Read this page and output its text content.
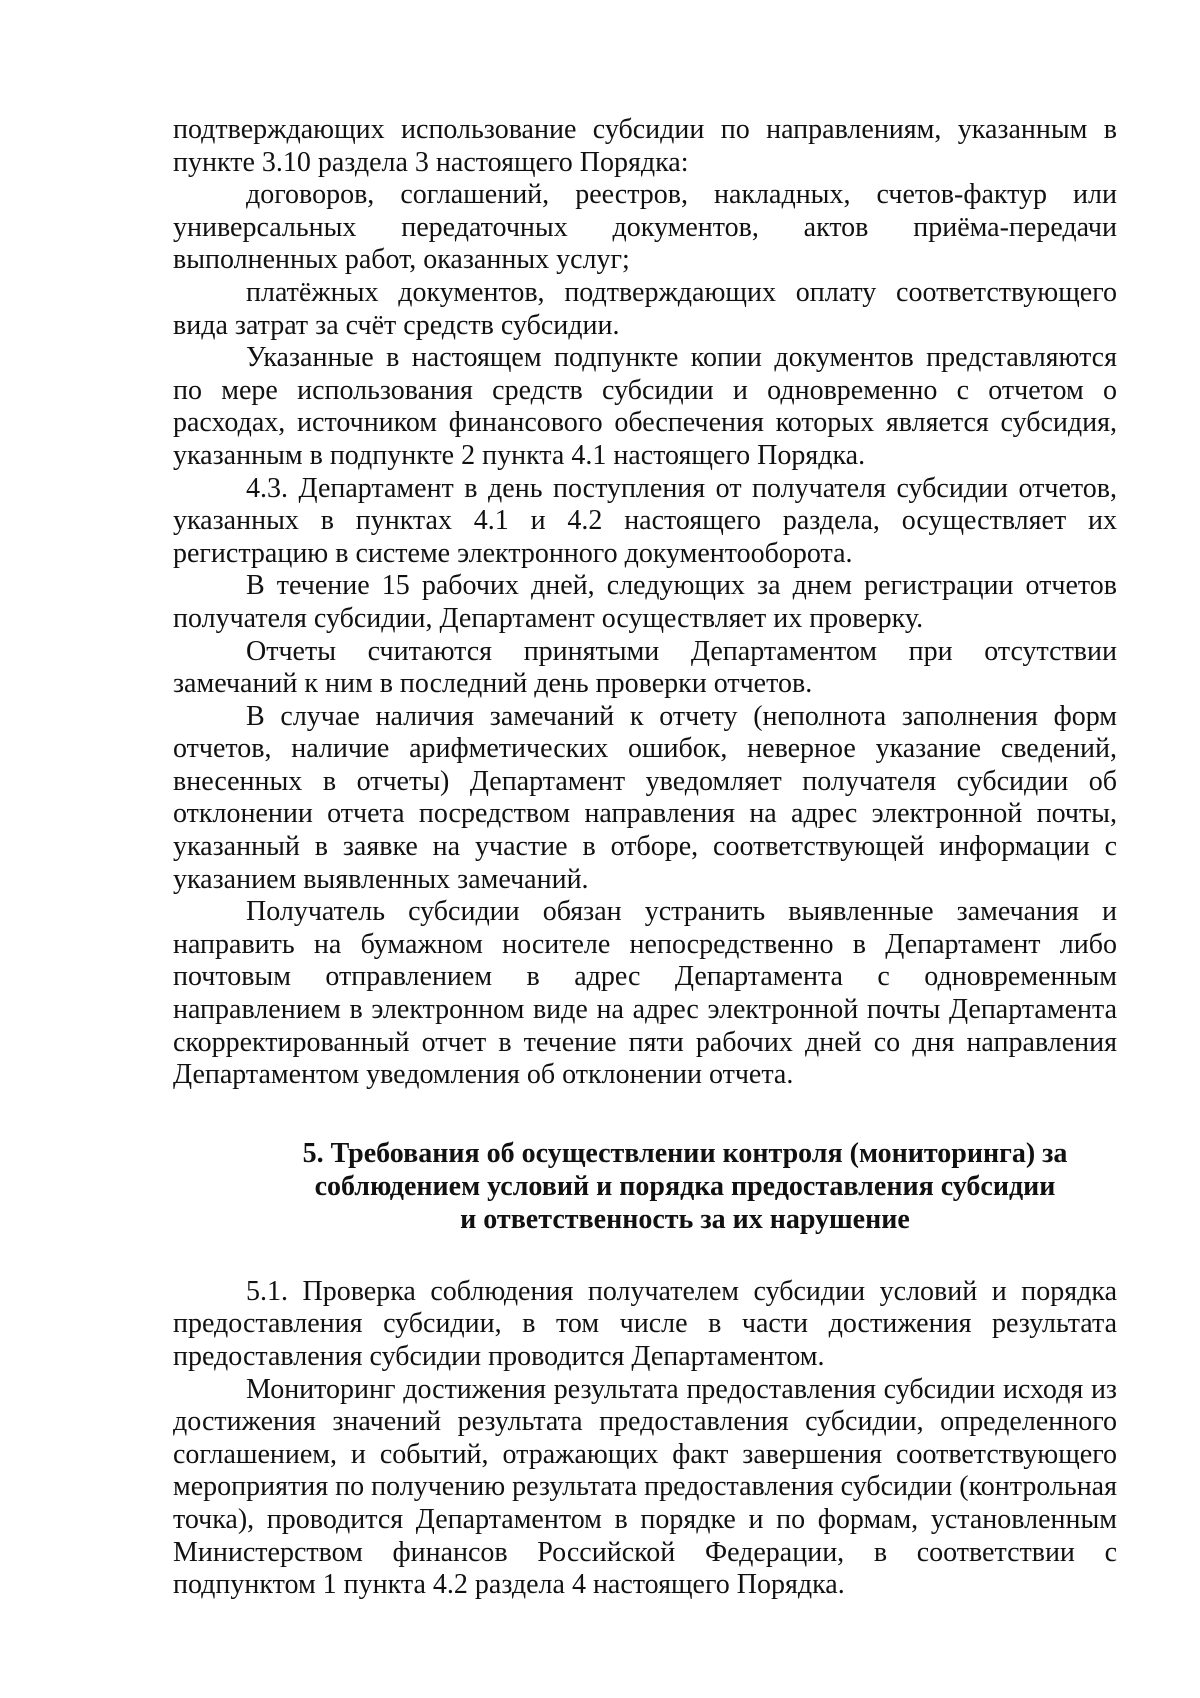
подтверждающих использование субсидии по направлениям, указанным в пункте 3.10 раздела 3 настоящего Порядка:

договоров, соглашений, реестров, накладных, счетов-фактур или универсальных передаточных документов, актов приёма-передачи выполненных работ, оказанных услуг;

платёжных документов, подтверждающих оплату соответствующего вида затрат за счёт средств субсидии.

Указанные в настоящем подпункте копии документов представляются по мере использования средств субсидии и одновременно с отчетом о расходах, источником финансового обеспечения которых является субсидия, указанным в подпункте 2 пункта 4.1 настоящего Порядка.

4.3. Департамент в день поступления от получателя субсидии отчетов, указанных в пунктах 4.1 и 4.2 настоящего раздела, осуществляет их регистрацию в системе электронного документооборота.

В течение 15 рабочих дней, следующих за днем регистрации отчетов получателя субсидии, Департамент осуществляет их проверку.

Отчеты считаются принятыми Департаментом при отсутствии замечаний к ним в последний день проверки отчетов.

В случае наличия замечаний к отчету (неполнота заполнения форм отчетов, наличие арифметических ошибок, неверное указание сведений, внесенных в отчеты) Департамент уведомляет получателя субсидии об отклонении отчета посредством направления на адрес электронной почты, указанный в заявке на участие в отборе, соответствующей информации с указанием выявленных замечаний.

Получатель субсидии обязан устранить выявленные замечания и направить на бумажном носителе непосредственно в Департамент либо почтовым отправлением в адрес Департамента с одновременным направлением в электронном виде на адрес электронной почты Департамента скорректированный отчет в течение пяти рабочих дней со дня направления Департаментом уведомления об отклонении отчета.

5. Требования об осуществлении контроля (мониторинга) за
соблюдением условий и порядка предоставления субсидии
и ответственность за их нарушение

5.1. Проверка соблюдения получателем субсидии условий и порядка предоставления субсидии, в том числе в части достижения результата предоставления субсидии проводится Департаментом.

Мониторинг достижения результата предоставления субсидии исходя из достижения значений результата предоставления субсидии, определенного соглашением, и событий, отражающих факт завершения соответствующего мероприятия по получению результата предоставления субсидии (контрольная точка), проводится Департаментом в порядке и по формам, установленным Министерством финансов Российской Федерации, в соответствии с подпунктом 1 пункта 4.2 раздела 4 настоящего Порядка.
